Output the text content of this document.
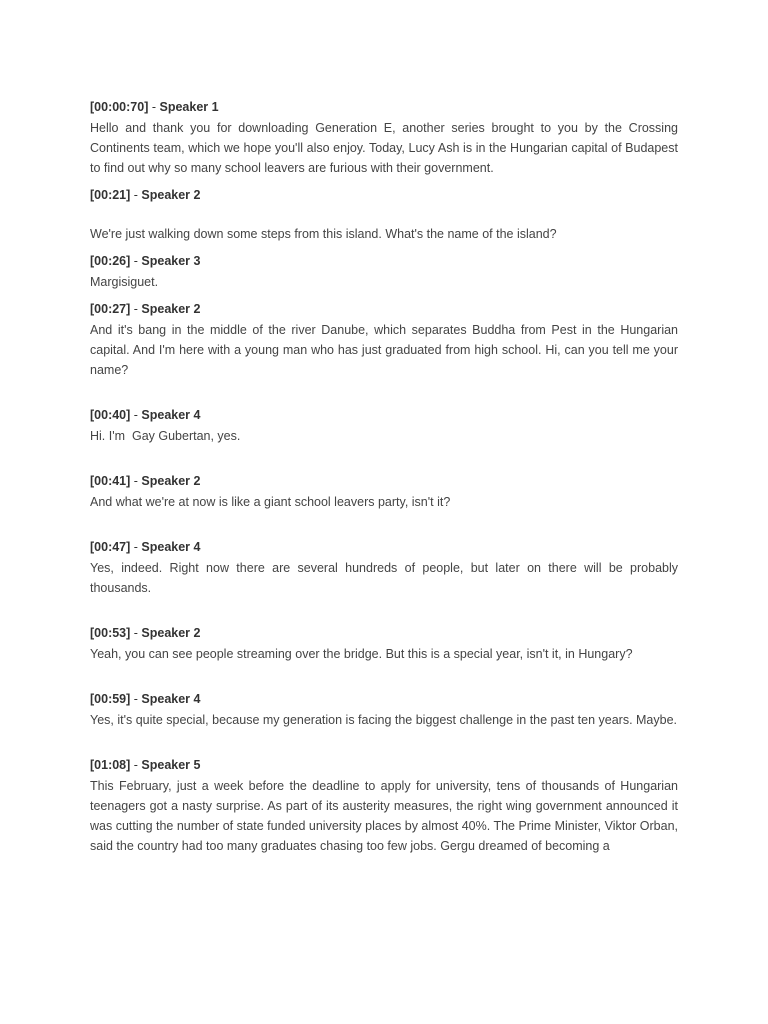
[00:00:70] - Speaker 1

Hello and thank you for downloading Generation E, another series brought to you by the Crossing Continents team, which we hope you'll also enjoy. Today, Lucy Ash is in the Hungarian capital of Budapest to find out why so many school leavers are furious with their government.

[00:21] - Speaker 2

We're just walking down some steps from this island. What's the name of the island?

[00:26] - Speaker 3

Margisiguet.

[00:27] - Speaker 2

And it's bang in the middle of the river Danube, which separates Buddha from Pest in the Hungarian capital. And I'm here with a young man who has just graduated from high school. Hi, can you tell me your name?

[00:40] - Speaker 4

Hi. I'm  Gay Gubertan, yes.

[00:41] - Speaker 2

And what we're at now is like a giant school leavers party, isn't it?

[00:47] - Speaker 4

Yes, indeed. Right now there are several hundreds of people, but later on there will be probably thousands.

[00:53] - Speaker 2

Yeah, you can see people streaming over the bridge. But this is a special year, isn't it, in Hungary?

[00:59] - Speaker 4

Yes, it's quite special, because my generation is facing the biggest challenge in the past ten years. Maybe.

[01:08] - Speaker 5

This February, just a week before the deadline to apply for university, tens of thousands of Hungarian teenagers got a nasty surprise. As part of its austerity measures, the right wing government announced it was cutting the number of state funded university places by almost 40%. The Prime Minister, Viktor Orban, said the country had too many graduates chasing too few jobs. Gergu dreamed of becoming a
